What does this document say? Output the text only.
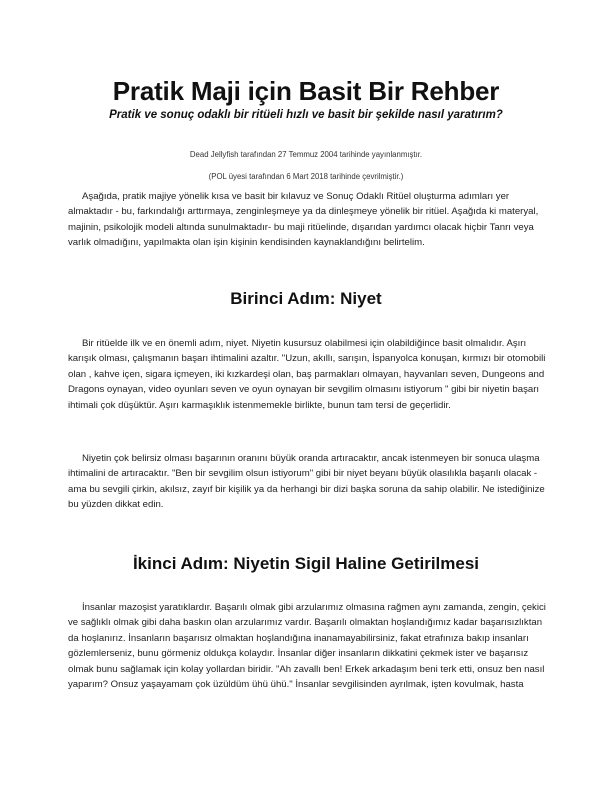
Pratik Maji için Basit Bir Rehber

Pratik ve sonuç odaklı bir ritüeli hızlı ve basit bir şekilde nasıl yaratırım?

Dead Jellyfish tarafından 27 Temmuz 2004 tarihinde yayınlanmıştır.

(POL üyesi tarafından 6 Mart 2018 tarihinde çevrilmiştir.)

Aşağıda, pratik majiye yönelik kısa ve basit bir kılavuz ve Sonuç Odaklı Ritüel oluşturma adımları yer almaktadır - bu, farkındalığı arttırmaya, zenginleşmeye ya da dinleşmeye yönelik bir ritüel. Aşağıda ki materyal, majinin, psikolojik modeli altında sunulmaktadır- bu maji ritüelinde, dışarıdan yardımcı olacak hiçbir Tanrı veya varlık olmadığını, yapılmakta olan işin kişinin kendisinden kaynaklandığını belirtelim.

Birinci Adım: Niyet

Bir ritüelde ilk ve en önemli adım, niyet. Niyetin kusursuz olabilmesi için olabildiğince basit olmalıdır. Aşırı karışık olması, çalışmanın başarı ihtimalini azaltır. "Uzun, akıllı, sarışın, İspanyolca konuşan, kırmızı bir otomobili olan , kahve içen, sigara içmeyen, iki kızkardeşi olan, baş parmakları olmayan, hayvanları seven, Dungeons and Dragons oynayan, video oyunları seven ve oyun oynayan bir sevgilim olmasını istiyorum " gibi bir niyetin başarı ihtimali çok düşüktür. Aşırı karmaşıklık istenmemekle birlikte, bunun tam tersi de geçerlidir.

Niyetin çok belirsiz olması başarının oranını büyük oranda artıracaktır, ancak istenmeyen bir sonuca ulaşma ihtimalini de artıracaktır. "Ben bir sevgilim olsun istiyorum" gibi bir niyet beyanı büyük olasılıkla başarılı olacak - ama bu sevgili çirkin, akılsız, zayıf bir kişilik ya da herhangi bir dizi başka soruna da sahip olabilir. Ne istediğinize bu yüzden dikkat edin.

İkinci Adım: Niyetin Sigil Haline Getirilmesi

İnsanlar mazoşist yaratıklardır. Başarılı olmak gibi arzularımız olmasına rağmen aynı zamanda, zengin, çekici ve sağlıklı olmak gibi daha baskın olan arzularımız vardır. Başarılı olmaktan hoşlandığımız kadar başarısızlıktan da hoşlanırız. İnsanların başarısız olmaktan hoşlandığına inanamayabilirsiniz, fakat etrafınıza bakıp insanları gözlemlerseniz, bunu görmeniz oldukça kolaydır. İnsanlar diğer insanların dikkatini çekmek ister ve başarısız olmak bunu sağlamak için kolay yollardan biridir. "Ah zavallı ben! Erkek arkadaşım beni terk etti, onsuz ben nasıl yaparım? Onsuz yaşayamam çok üzüldüm ühü ühü." İnsanlar sevgilisinden ayrılmak, işten kovulmak, hasta
